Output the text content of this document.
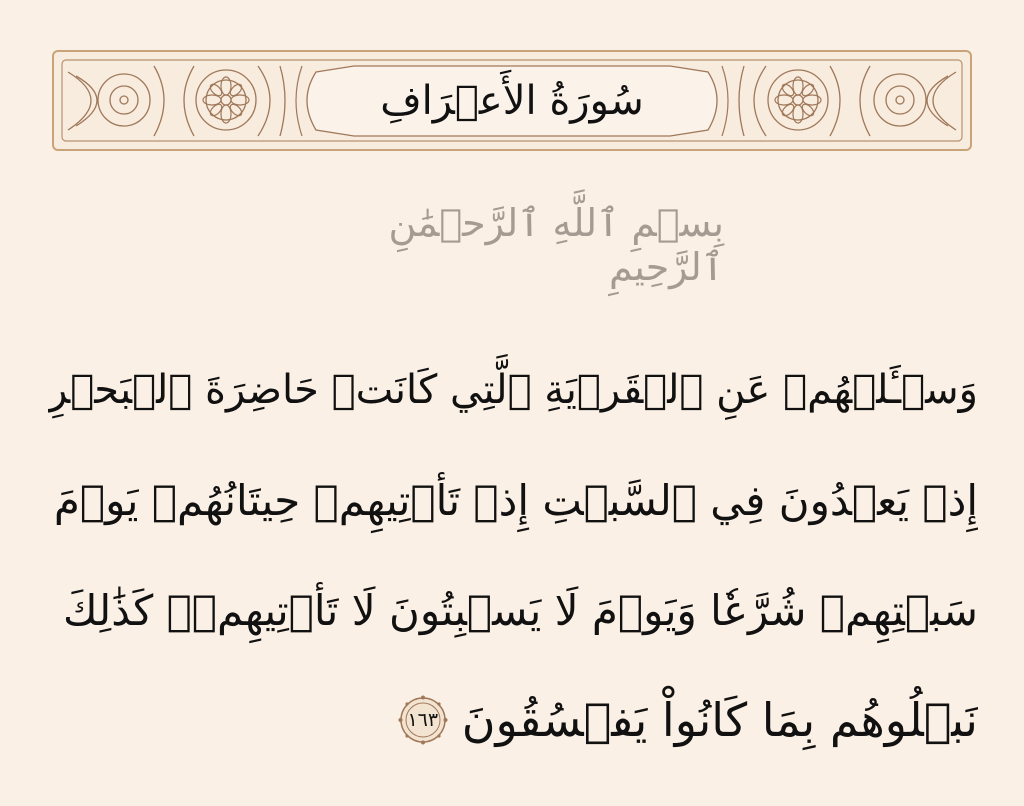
سُورَةُ الأَعۡرَافِ
بِسۡمِ ٱللَّهِ ٱلرَّحۡمَٰنِ ٱلرَّحِيمِ
وَسۡـَٔلۡهُمۡ عَنِ ٱلۡقَرۡيَةِ ٱلَّتِي كَانَتۡ حَاضِرَةَ ٱلۡبَحۡرِ
إِذۡ يَعۡدُونَ فِي ٱلسَّبۡتِ إِذۡ تَأۡتِيهِمۡ حِيتَانُهُمۡ يَوۡمَ
سَبۡتِهِمۡ شُرَّعٗا وَيَوۡمَ لَا يَسۡبِتُونَ لَا تَأۡتِيهِمۡۚ كَذَٰلِكَ
نَبۡلُوهُم بِمَا كَانُواْ يَفۡسُقُونَ
١٦٣
